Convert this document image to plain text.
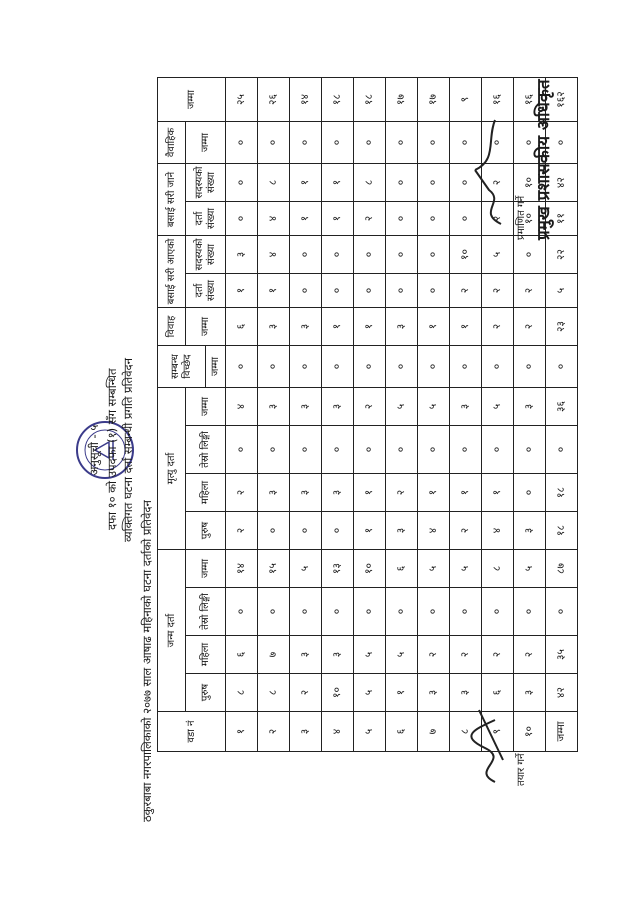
अनुसूची - ५ दफा १० को उपदफा (१) सँग सम्बन्धित व्यक्तिगत घटना दर्ता सम्बन्धी प्रगति प्रतिवेदन
ठकुरबाबा नगरपालिकाको २०७७ साल आषाढ महिनाको घटना दर्ताको प्रतिवेदन	वडा नं	जन्म दर्ता				मृत्यु दर्ता				सम्बन्ध विच्छेद	विवाह	बसाई सरी आएको		बसाई सरी जाने		वैवाहिक	जम्मा
	पुरुष	महिला	तेस्रो लिङ्गी	जम्मा	पुरुष	महिला	तेस्रो लिङ्गी	जम्मा		जम्मा	दर्ता संख्या	सदस्यको संख्या	दर्ता संख्या	सदस्यको संख्या	जम्मा	
									जम्मा							
१	८	६	०	१४	२	२	०	४	०	६	१	३	०	०	०	२५
२	८	७	०	१५	०	३	०	३	०	३	१	४	४	८	०	२६
३	२	३	०	५	०	३	०	३	०	३	०	०	१	१	०	१४
४	१०	३	०	१३	०	३	०	३	०	१	०	०	१	१	०	१८
५	५	५	०	१०	१	१	०	२	०	१	०	०	२	८	०	१८
६	१	५	०	६	३	२	०	५	०	३	०	०	०	०	०	१७
७	३	२	०	५	४	१	०	५	०	१	०	०	०	०	०	१७
८	३	२	०	५	२	१	०	३	०	१	२	१०	०	०	०	९
९	६	२	०	८	४	१	०	५	०	२	२	५	२	२	०	१६
१०	३	२	०	५	३	०	०	३	०	२	२	०	१०	१०	०	१६
जम्मा	४२	३५	०	८७	१८	१८	०	३६	०	२३	५	२२	११	४२	०	१६२
तयार गर्ने
प्रमाणित गर्ने प्रमुख प्रशासकीय अधिकृत
